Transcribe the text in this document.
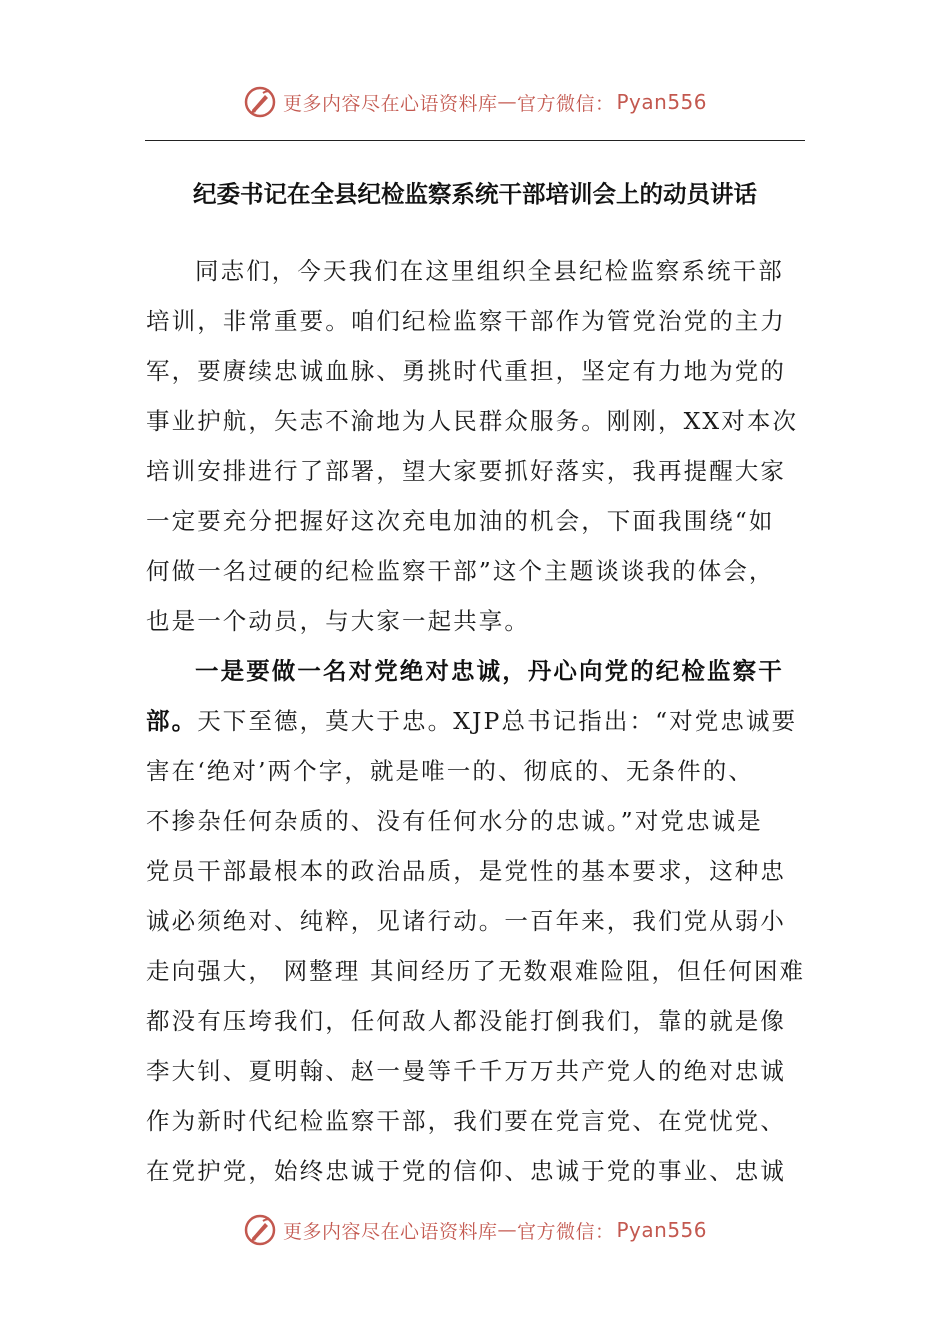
更多内容尽在心语资料库 — 官方微信： Pyan556
纪委书记在全县纪检监察系统干部培训会上的动员讲话
同志们，今天我们在这里组织全县纪检监察系统干部
培训，非常重要。咱们纪检监察干部作为管党治党的主力
军，要赓续忠诚血脉、勇挑时代重担，坚定有力地为党的
事业护航，矢志不渝地为人民群众服务。刚刚，XX对本次
培训安排进行了部署，望大家要抓好落实，我再提醒大家
一定要充分把握好这次充电加油的机会，下面我围绕“如
何做一名过硬的纪检监察干部”这个主题谈谈我的体会，
也是一个动员，与大家一起共享。
一是要做一名对党绝对忠诚，丹心向党的纪检监察干
部。天下至德，莫大于忠。XJP总书记指出：“对党忠诚要
害在‘绝对’两个字，就是唯一的、彻底的、无条件的、
不掺杂任何杂质的、没有任何水分的忠诚。”对党忠诚是
党员干部最根本的政治品质，是党性的基本要求，这种忠
诚必须绝对、纯粹，见诸行动。一百年来，我们党从弱小
走向强大， 网整理 其间经历了无数艰难险阻，但任何困难
都没有压垮我们，任何敌人都没能打倒我们，靠的就是像
李大钊、夏明翰、赵一曼等千千万万共产党人的绝对忠诚
作为新时代纪检监察干部，我们要在党言党、在党忧党、
在党护党，始终忠诚于党的信仰、忠诚于党的事业、忠诚
更多内容尽在心语资料库 — 官方微信： Pyan556
